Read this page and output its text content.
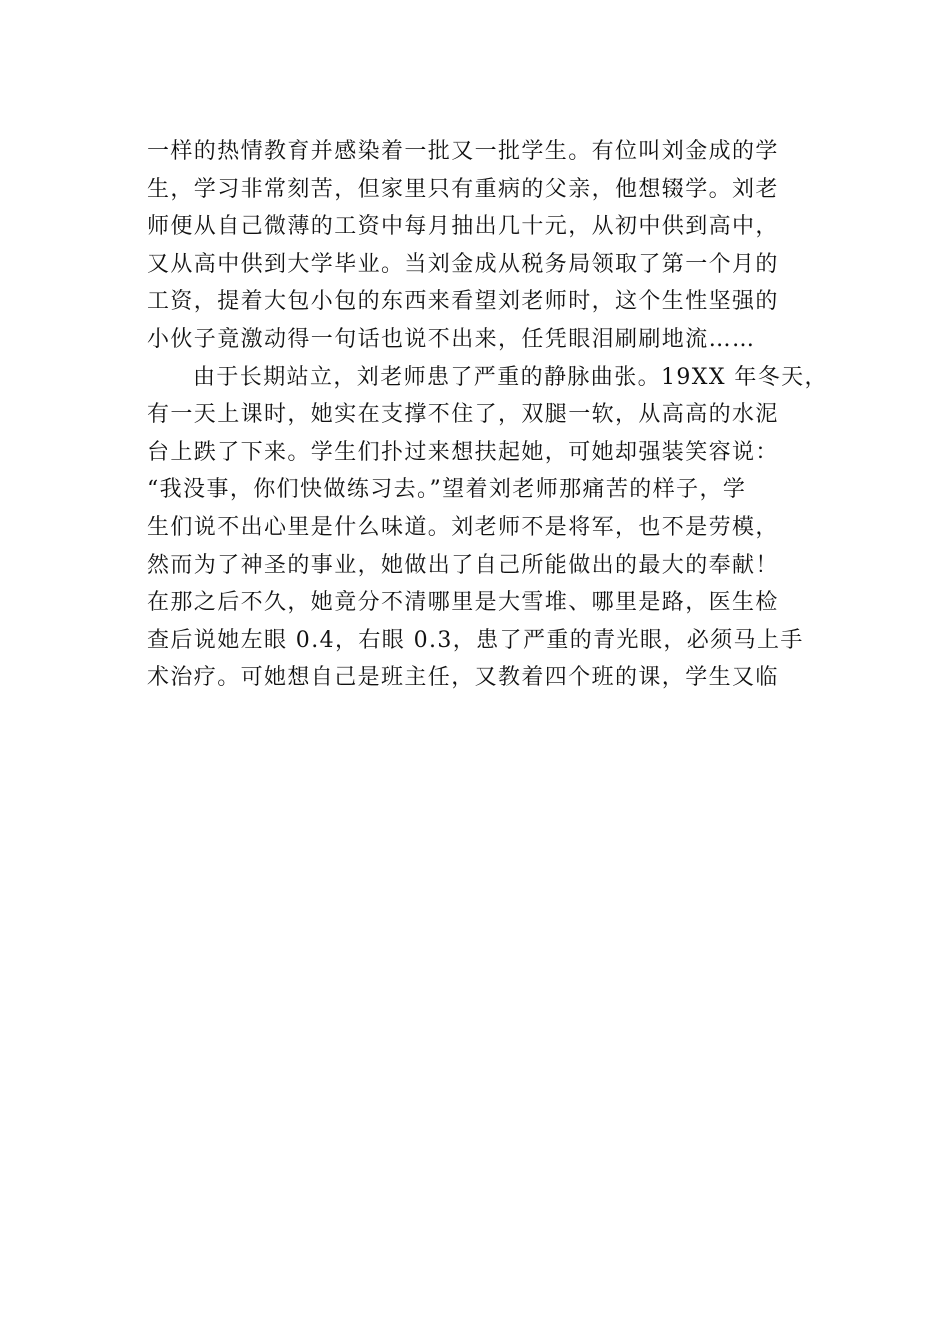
一样的热情教育并感染着一批又一批学生。有位叫刘金成的学
生，学习非常刻苦，但家里只有重病的父亲，他想辍学。刘老
师便从自己微薄的工资中每月抽出几十元，从初中供到高中，
又从高中供到大学毕业。当刘金成从税务局领取了第一个月的
工资，提着大包小包的东西来看望刘老师时，这个生性坚强的
小伙子竟激动得一句话也说不出来，任凭眼泪刷刷地流……
由于长期站立，刘老师患了严重的静脉曲张。19XX 年冬天，
有一天上课时，她实在支撑不住了，双腿一软，从高高的水泥
台上跌了下来。学生们扑过来想扶起她，可她却强装笑容说：
“我没事，你们快做练习去。”望着刘老师那痛苦的样子，学
生们说不出心里是什么味道。刘老师不是将军，也不是劳模，
然而为了神圣的事业，她做出了自己所能做出的最大的奉献！
在那之后不久，她竟分不清哪里是大雪堆、哪里是路，医生检
查后说她左眼 0.4，右眼 0.3，患了严重的青光眼，必须马上手
术治疗。可她想自己是班主任，又教着四个班的课，学生又临
